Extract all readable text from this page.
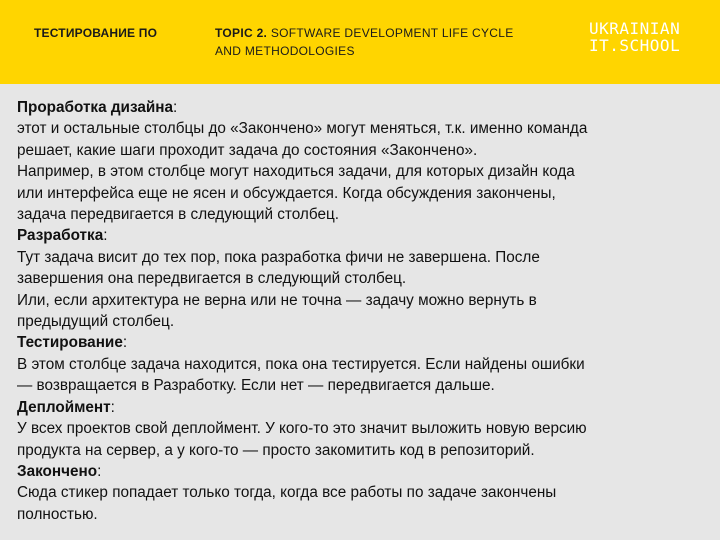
ТЕСТИРОВАНИЕ ПО	TOPIC 2. SOFTWARE DEVELOPMENT LIFE CYCLE
AND METHODOLOGIES
UKRAINIAN
IT.SCHOOL

Проработка дизайна:

этот и остальные столбцы до «Закончено» могут меняться, т.к. именно команда

решает, какие шаги проходит задача до состояния «Закончено».

Например, в этом столбце могут находиться задачи, для которых дизайн кода

или интерфейса еще не ясен и обсуждается. Когда обсуждения закончены,

задача передвигается в следующий столбец.

Разработка:

Тут задача висит до тех пор, пока разработка фичи не завершена. После

завершения она передвигается в следующий столбец.

Или, если архитектура не верна или не точна — задачу можно вернуть в

предыдущий столбец.

Тестирование:

В этом столбце задача находится, пока она тестируется. Если найдены ошибки

— возвращается в Разработку. Если нет — передвигается дальше.

Деплоймент:

У всех проектов свой деплоймент. У кого-то это значит выложить новую версию

продукта на сервер, а у кого-то — просто закомитить код в репозиторий.

Закончено:

Сюда стикер попадает только тогда, когда все работы по задаче закончены

полностью.
